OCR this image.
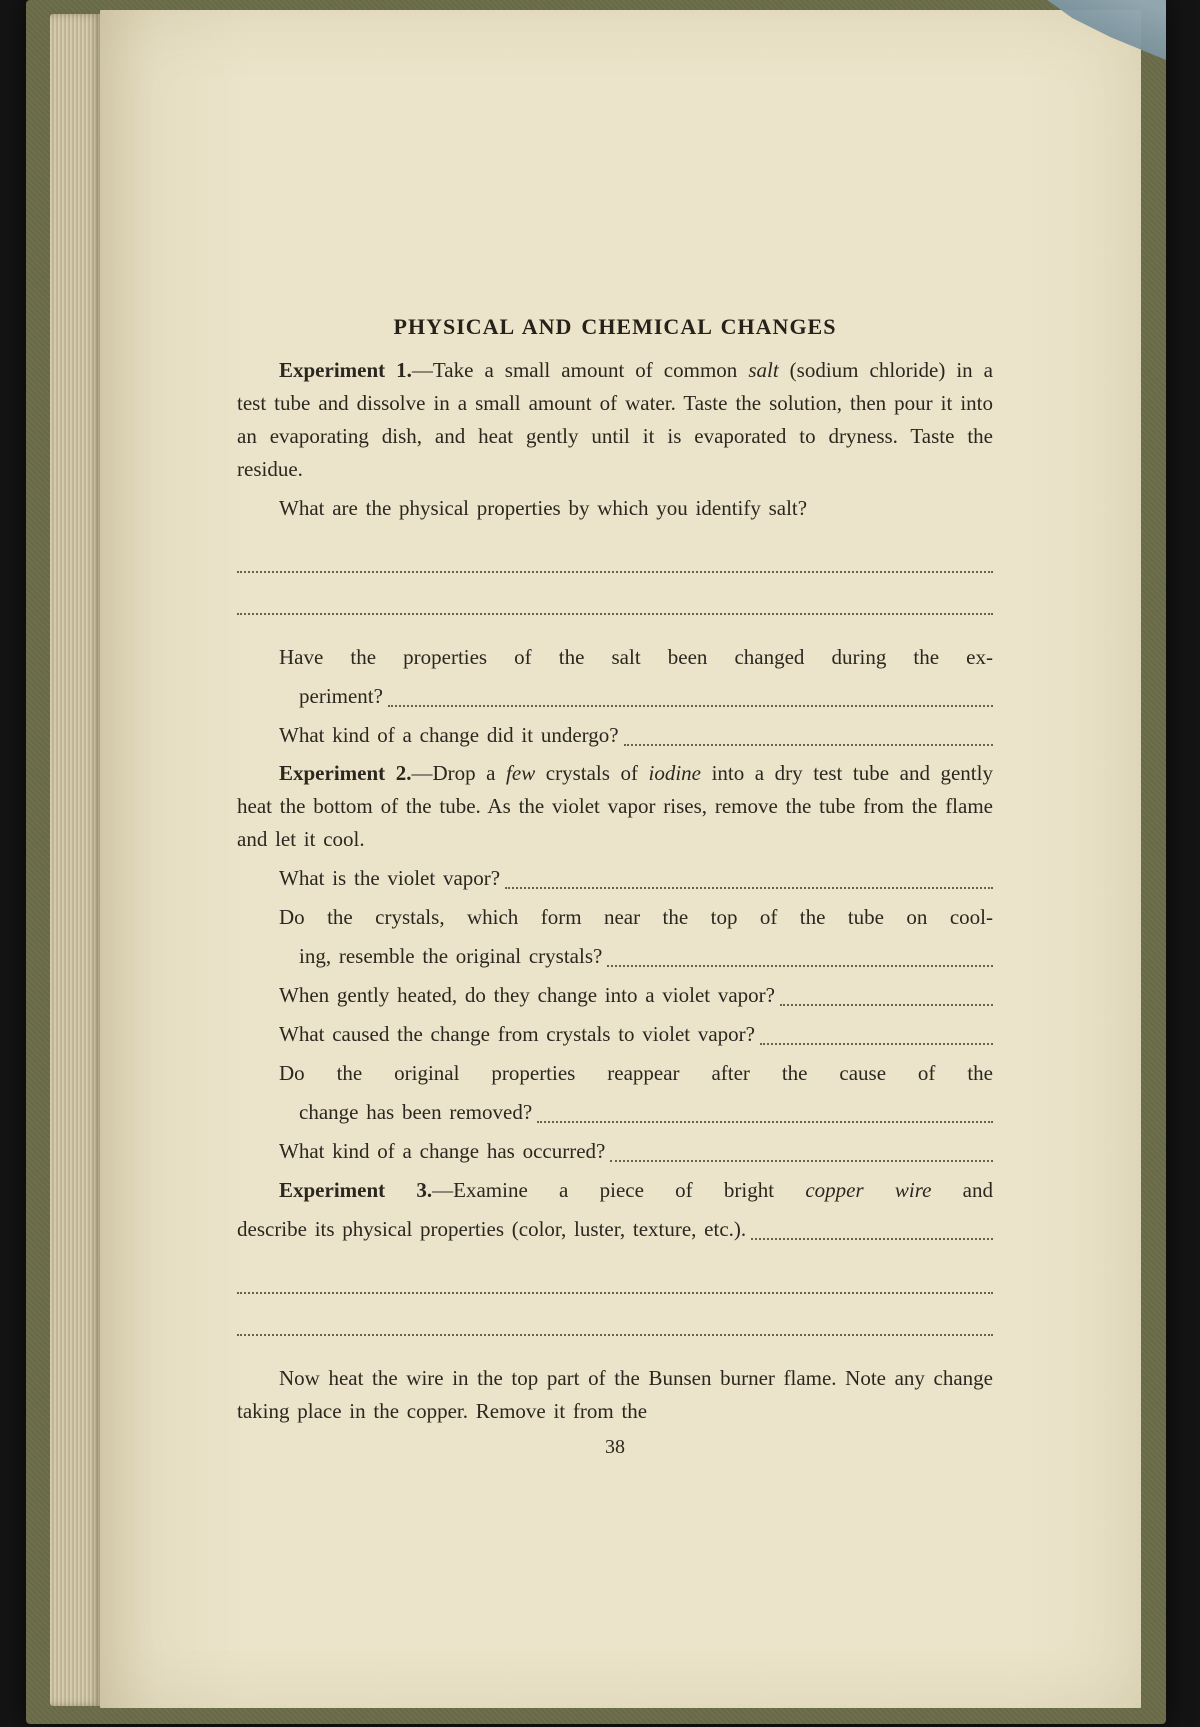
PHYSICAL AND CHEMICAL CHANGES
Experiment 1.—Take a small amount of common salt (sodium chloride) in a test tube and dissolve in a small amount of water. Taste the solution, then pour it into an evaporating dish, and heat gently until it is evaporated to dryness. Taste the residue.
What are the physical properties by which you identify salt?
Have the properties of the salt been changed during the ex-
periment?
What kind of a change did it undergo?
Experiment 2.—Drop a few crystals of iodine into a dry test tube and gently heat the bottom of the tube. As the violet vapor rises, remove the tube from the flame and let it cool.
What is the violet vapor?
Do the crystals, which form near the top of the tube on cool-
ing, resemble the original crystals?
When gently heated, do they change into a violet vapor?
What caused the change from crystals to violet vapor?
Do the original properties reappear after the cause of the
change has been removed?
What kind of a change has occurred?
Experiment 3.—Examine a piece of bright copper wire and
describe its physical properties (color, luster, texture, etc.).
Now heat the wire in the top part of the Bunsen burner flame. Note any change taking place in the copper. Remove it from the
38
